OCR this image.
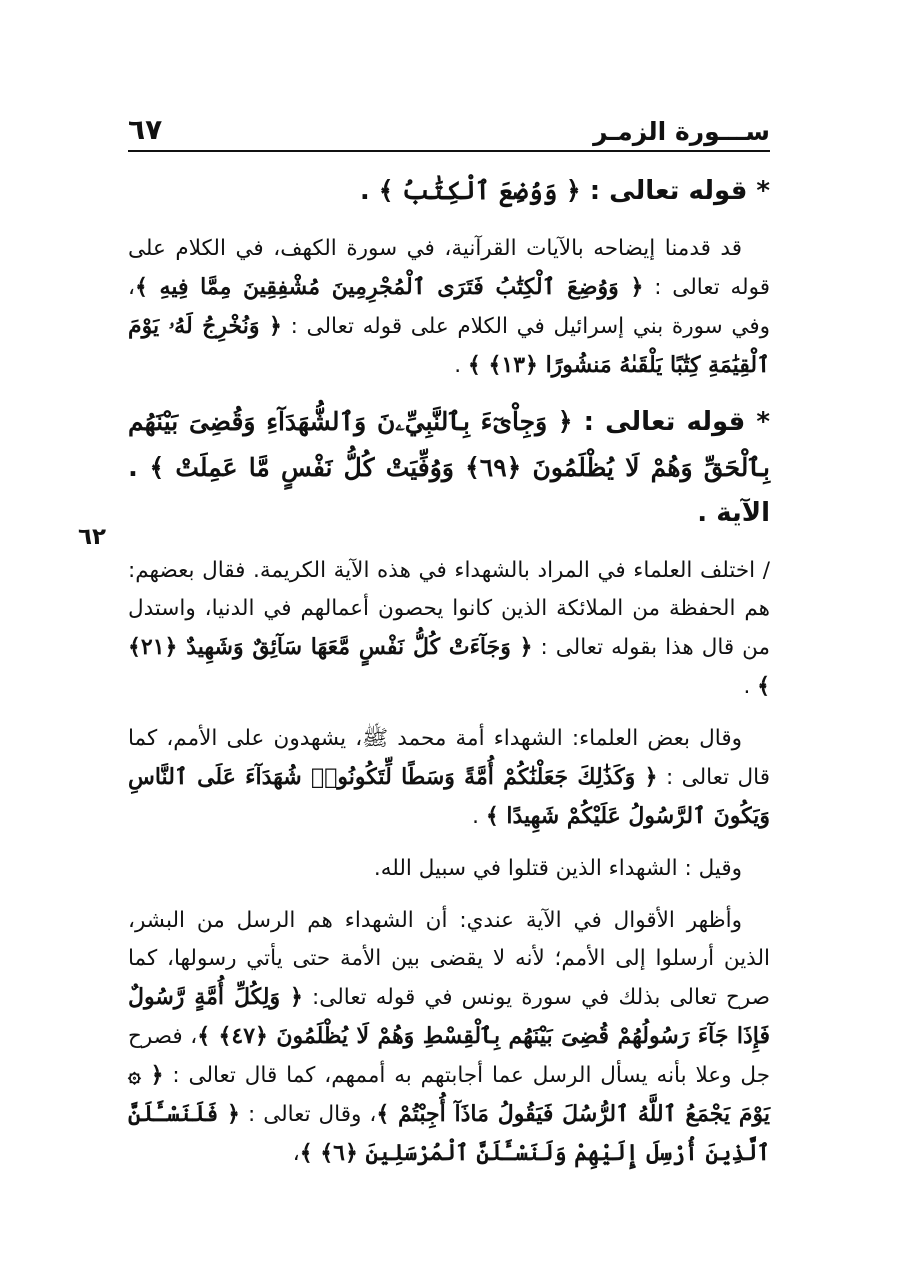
ســـورة الزمـر
٦٧
٦٢

* قوله تعالى : ﴿ وَوُضِعَ ٱلْكِتَٰبُ ﴾ .

قد قدمنا إيضاحه بالآيات القرآنية، في سورة الكهف، في الكلام على قوله تعالى : ﴿ وَوُضِعَ ٱلْكِتَٰبُ فَتَرَى ٱلْمُجْرِمِينَ مُشْفِقِينَ مِمَّا فِيهِ ﴾، وفي سورة بني إسرائيل في الكلام على قوله تعالى : ﴿ وَنُخْرِجُ لَهُۥ يَوْمَ ٱلْقِيَٰمَةِ كِتَٰبًا يَلْقَىٰهُ مَنشُورًا ﴿١٣﴾ ﴾ .

* قوله تعالى : ﴿ وَجِاْىٓءَ بِٱلنَّبِيِّۦنَ وَٱلشُّهَدَآءِ وَقُضِىَ بَيْنَهُم بِٱلْحَقِّ وَهُمْ لَا يُظْلَمُونَ ﴿٦٩﴾ وَوُفِّيَتْ كُلُّ نَفْسٍ مَّا عَمِلَتْ ﴾ . الآية .

/ اختلف العلماء في المراد بالشهداء في هذه الآية الكريمة. فقال بعضهم: هم الحفظة من الملائكة الذين كانوا يحصون أعمالهم في الدنيا، واستدل من قال هذا بقوله تعالى : ﴿ وَجَآءَتْ كُلُّ نَفْسٍ مَّعَهَا سَآئِقٌ وَشَهِيدٌ ﴿٢١﴾ ﴾ .

وقال بعض العلماء: الشهداء أمة محمد ﷺ، يشهدون على الأمم، كما قال تعالى : ﴿ وَكَذَٰلِكَ جَعَلْنَٰكُمْ أُمَّةً وَسَطًا لِّتَكُونُوا۟ شُهَدَآءَ عَلَى ٱلنَّاسِ وَيَكُونَ ٱلرَّسُولُ عَلَيْكُمْ شَهِيدًا ﴾ .

وقيل : الشهداء الذين قتلوا في سبيل الله.

وأظهر الأقوال في الآية عندي: أن الشهداء هم الرسل من البشر، الذين أرسلوا إلى الأمم؛ لأنه لا يقضى بين الأمة حتى يأتي رسولها، كما صرح تعالى بذلك في سورة يونس في قوله تعالى: ﴿ وَلِكُلِّ أُمَّةٍ رَّسُولٌ فَإِذَا جَآءَ رَسُولُهُمْ قُضِىَ بَيْنَهُم بِٱلْقِسْطِ وَهُمْ لَا يُظْلَمُونَ ﴿٤٧﴾ ﴾، فصرح جل وعلا بأنه يسأل الرسل عما أجابتهم به أممهم، كما قال تعالى : ﴿ ۞ يَوْمَ يَجْمَعُ ٱللَّهُ ٱلرُّسُلَ فَيَقُولُ مَاذَآ أُجِبْتُمْ ﴾، وقال تعالى : ﴿ فَلَنَسْـَٔلَنَّ ٱلَّذِينَ أُرْسِلَ إِلَيْهِمْ وَلَنَسْـَٔلَنَّ ٱلْمُرْسَلِينَ ﴿٦﴾ ﴾،
